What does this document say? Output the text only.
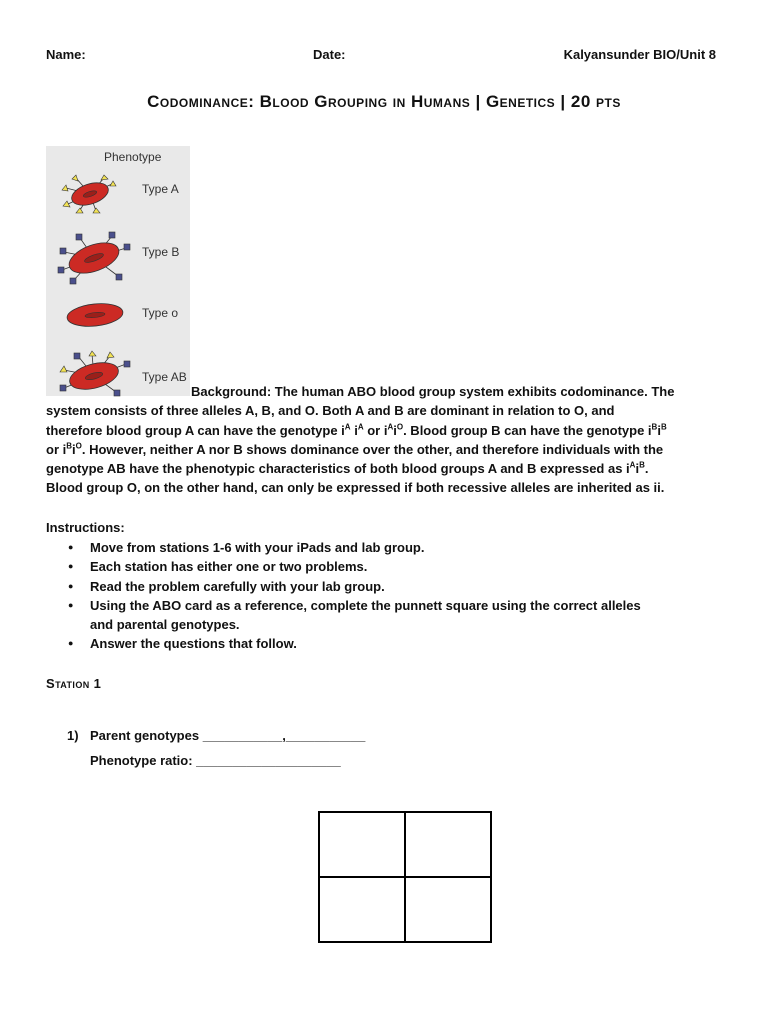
Name:	Date:	Kalyansunder BIO/Unit 8
Codominance: Blood Grouping in Humans | Genetics | 20 pts
Phenotype
Type A
Type B
Type o
Type AB

Background: The human ABO blood group system exhibits codominance. The

system consists of three alleles A, B, and O. Both A and B are dominant in relation to O, and

therefore blood group A can have the genotype $i^A$ $i^A$ or $i^Ai^O$. Blood group B can have the genotype $i^Bi^B$

or $i^Bi^O$. However, neither A nor B shows dominance over the other, and therefore individuals with the

genotype AB have the phenotypic characteristics of both blood groups A and B expressed as $i^Ai^B$.

Blood group O, on the other hand, can only be expressed if both recessive alleles are inherited as ii.

Instructions:

● Move from stations 1-6 with your iPads and lab group.
● Each station has either one or two problems.
● Read the problem carefully with your lab group.
● Using the ABO card as a reference, complete the punnett square using the correct alleles
and parental genotypes.
● Answer the questions that follow.
Station 1
1) Parent genotypes ___________,___________
Phenotype ratio: ____________________
